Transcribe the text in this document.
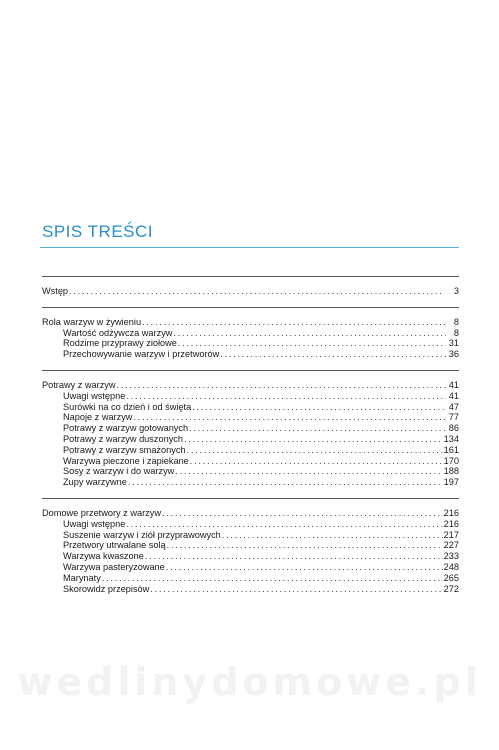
SPIS TREŚCI
Wstęp . . .	3
Rola warzyw w żywieniu . . .	8
Wartość odżywcza warzyw . . .	8
Rodzime przyprawy ziołowe . . .	31
Przechowywanie warzyw i przetworów . . .	36
Potrawy z warzyw . . .	41
Uwagi wstępne . . .	41
Surówki na co dzień i od święta . . .	47
Napoje z warzyw . . .	77
Potrawy z warzyw gotowanych . . .	86
Potrawy z warzyw duszonych . . .	134
Potrawy z warzyw smażonych . . .	161
Warzywa pieczone i zapiekane . . .	170
Sosy z warzyw i do warzyw . . .	188
Zupy warzywne . . .	197
Domowe przetwory z warzyw . . .	216
Uwagi wstępne . . .	216
Suszenie warzyw i ziół przyprawowych . . .	217
Przetwory utrwalane solą . . .	227
Warzywa kwaszone . . .	233
Warzywa pasteryzowane . . .	248
Marynaty . . .	265
Skorowidz przepisów . . .	272
wedlinydomowe.pl
